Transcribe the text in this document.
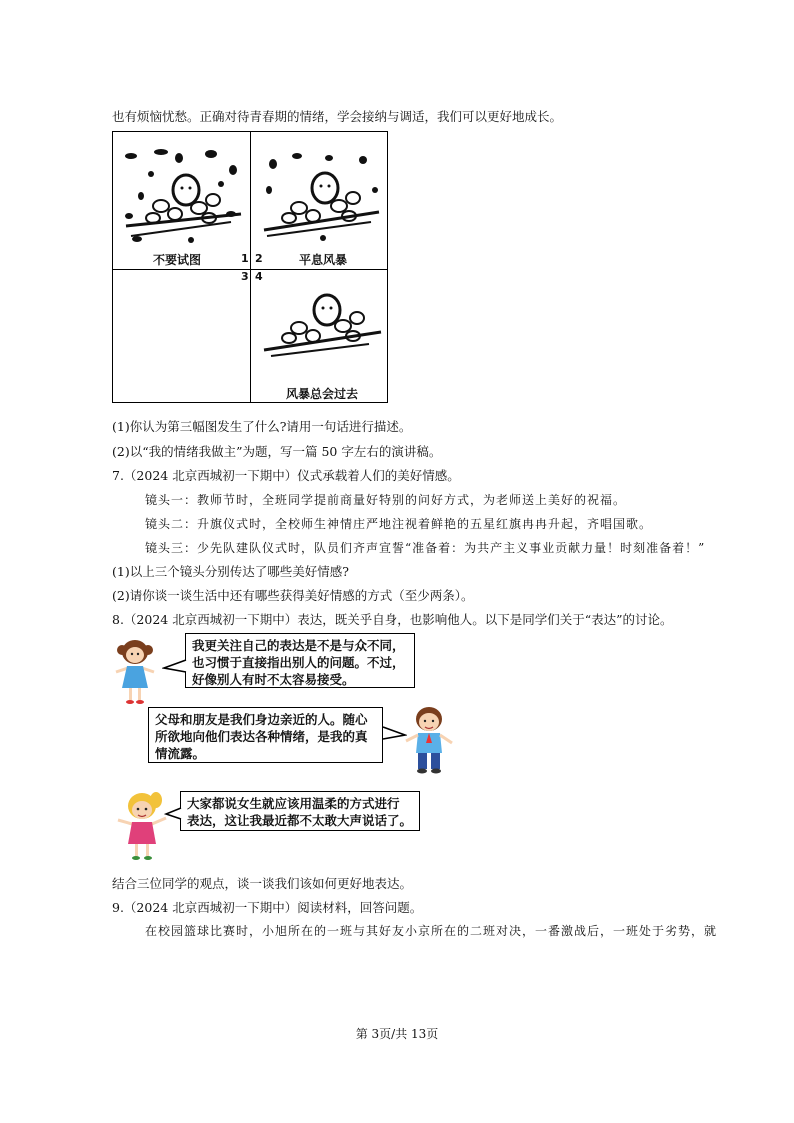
也有烦恼忧愁。正确对待青春期的情绪，学会接纳与调适，我们可以更好地成长。
不要试图	1 2	平息风暴
3 4
风暴总会过去
(1)你认为第三幅图发生了什么?请用一句话进行描述。
(2)以“我的情绪我做主”为题，写一篇 50 字左右的演讲稿。
7.（2024 北京西城初一下期中）仪式承载着人们的美好情感。
镜头一：教师节时，全班同学提前商量好特别的问好方式，为老师送上美好的祝福。
镜头二：升旗仪式时，全校师生神情庄严地注视着鲜艳的五星红旗冉冉升起，齐唱国歌。
镜头三：少先队建队仪式时，队员们齐声宣誓“准备着：为共产主义事业贡献力量！时刻准备着！”
(1)以上三个镜头分别传达了哪些美好情感?
(2)请你谈一谈生活中还有哪些获得美好情感的方式（至少两条）。
8.（2024 北京西城初一下期中）表达，既关乎自身，也影响他人。以下是同学们关于“表达”的讨论。
我更关注自己的表达是不是与众不同，
也习惯于直接指出别人的问题。不过，
好像别人有时不太容易接受。
父母和朋友是我们身边亲近的人。随心
所欲地向他们表达各种情绪，是我的真
情流露。
大家都说女生就应该用温柔的方式进行
表达，这让我最近都不太敢大声说话了。
结合三位同学的观点，谈一谈我们该如何更好地表达。
9.（2024 北京西城初一下期中）阅读材料，回答问题。
在校园篮球比赛时，小旭所在的一班与其好友小京所在的二班对决，一番激战后，一班处于劣势，就
第 3页/共 13页
